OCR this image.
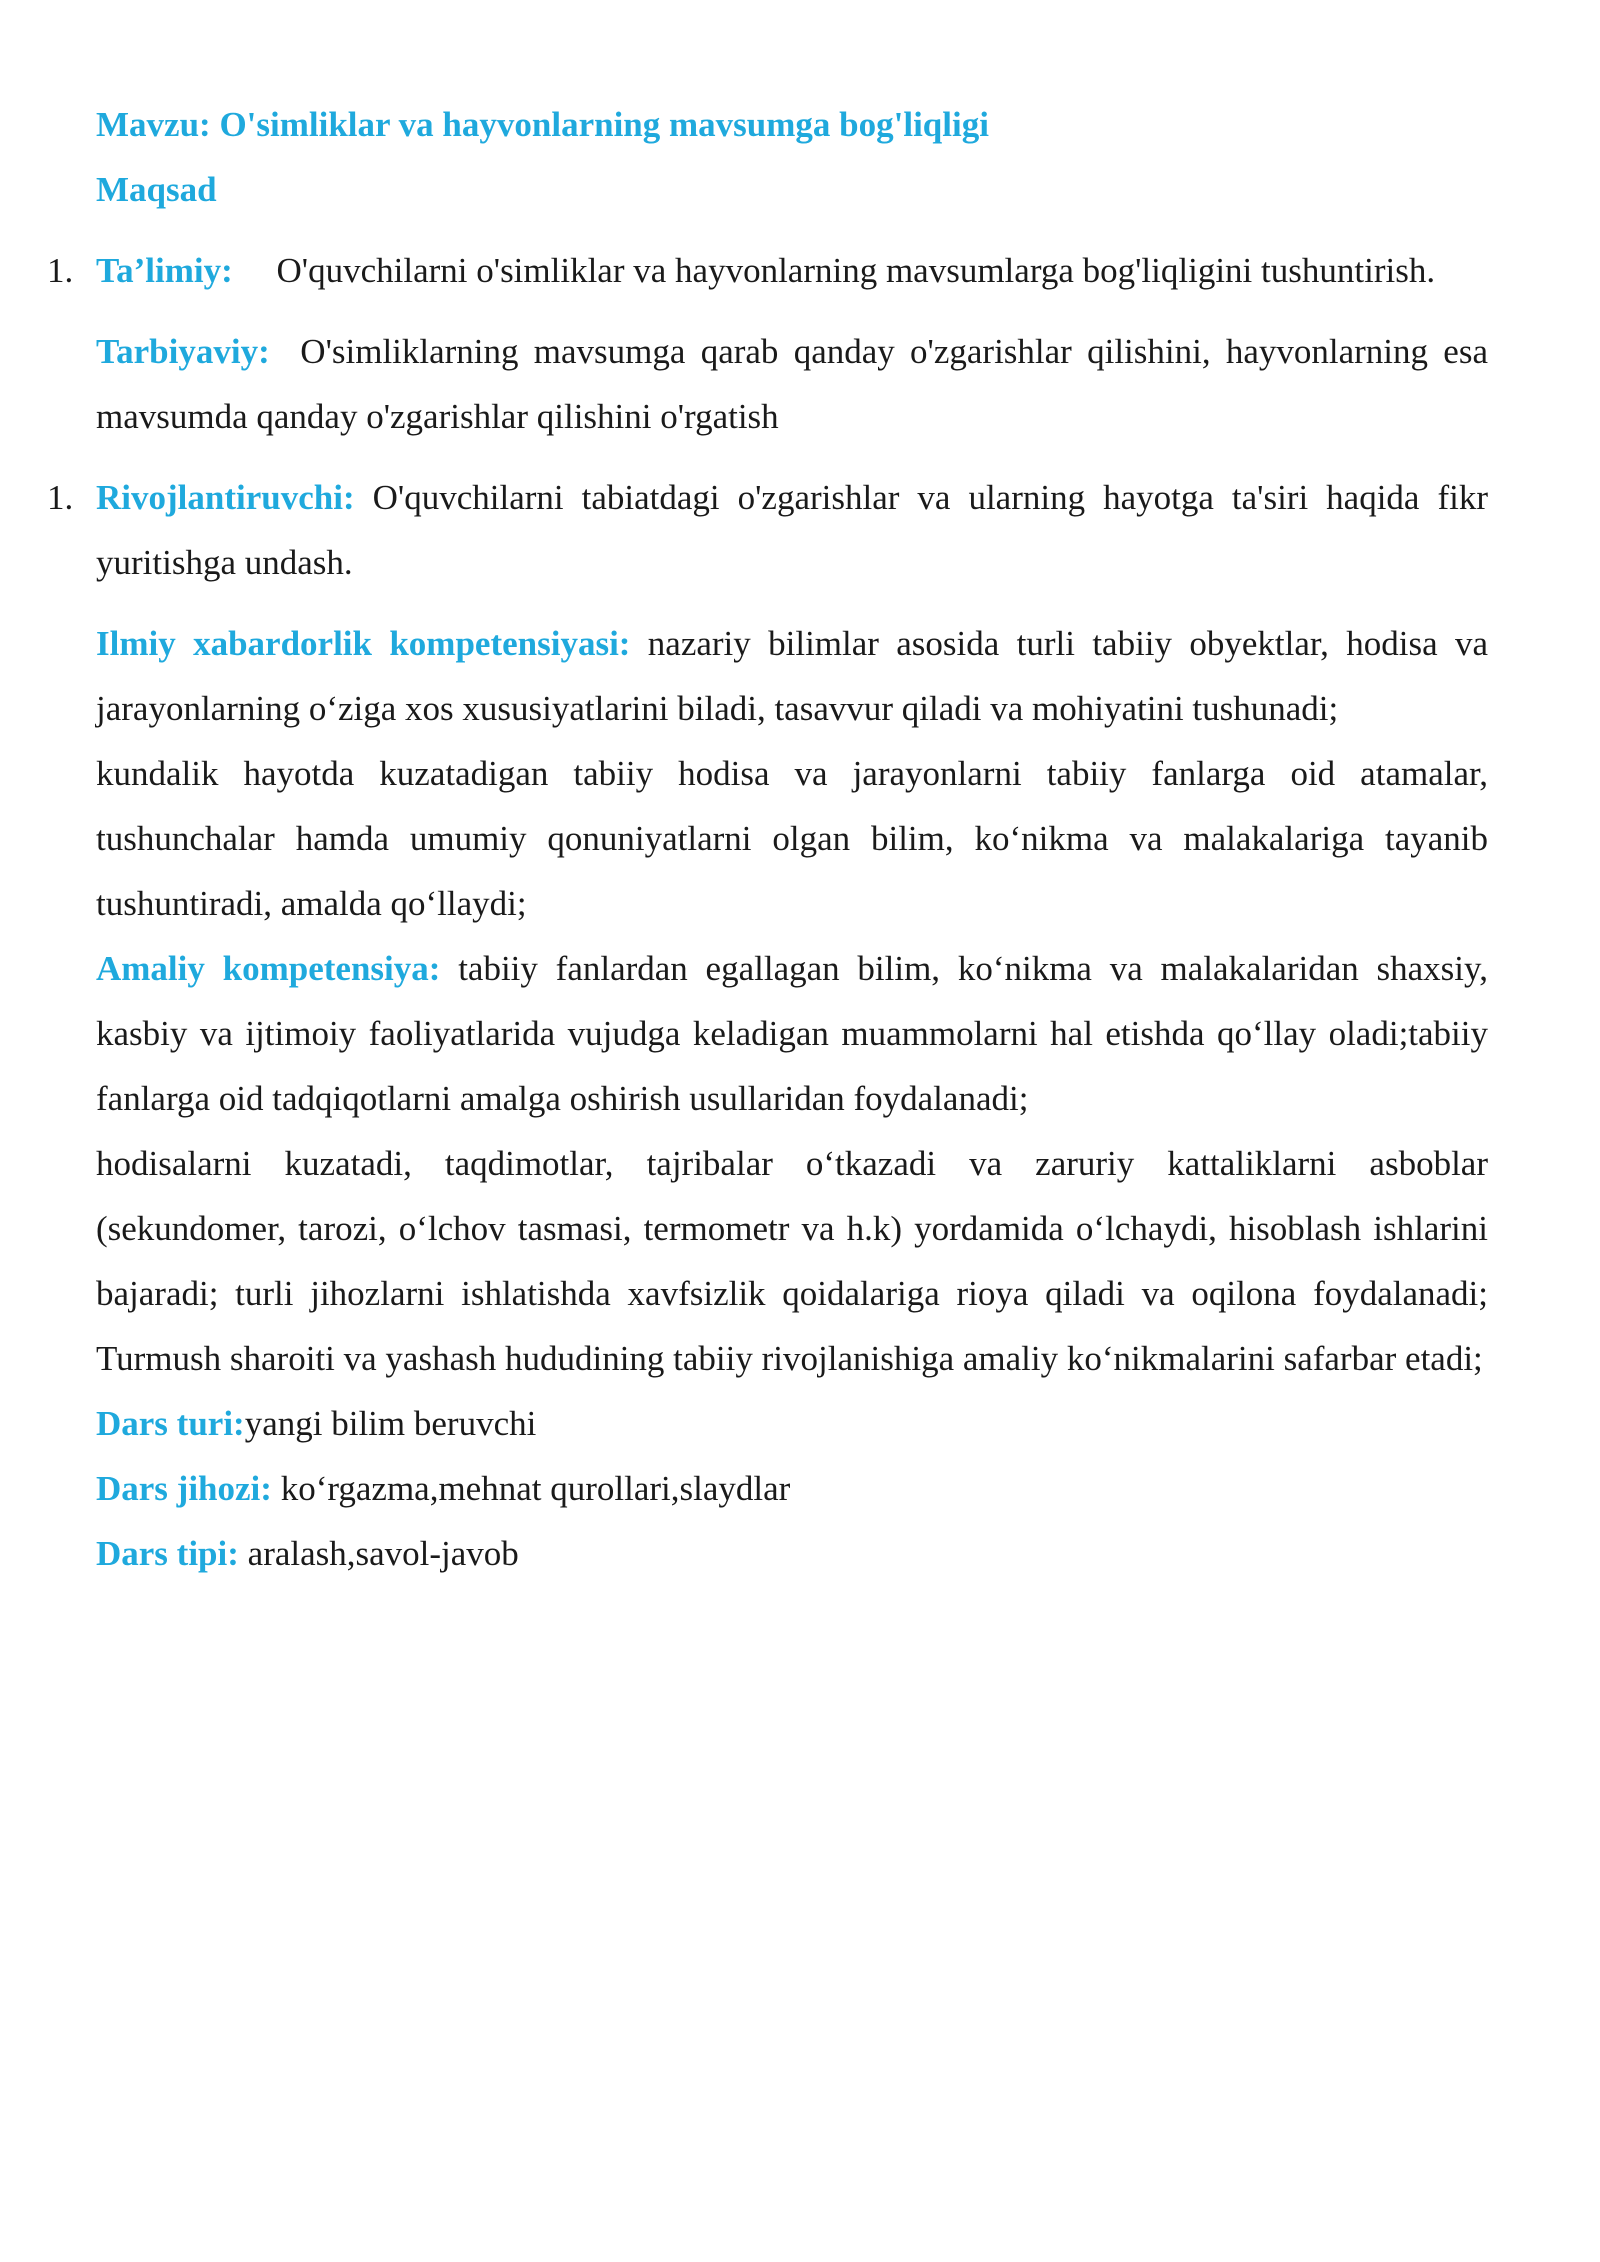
Mavzu: O'simliklar va hayvonlarning mavsumga bog'liqligi

Maqsad

1. Ta’limiy: O'quvchilarni o'simliklar va hayvonlarning mavsumlarga bog'liqligini tushuntirish.

Tarbiyaviy: O'simliklarning mavsumga qarab qanday o'zgarishlar qilishini, hayvonlarning esa mavsumda qanday o'zgarishlar qilishini o'rgatish

1. Rivojlantiruvchi: O'quvchilarni tabiatdagi o'zgarishlar va ularning hayotga ta'siri haqida fikr yuritishga undash.

Ilmiy xabardorlik kompetensiyasi: nazariy bilimlar asosida turli tabiiy obyektlar, hodisa va jarayonlarning o‘ziga xos xususiyatlarini biladi, tasavvur qiladi va mohiyatini tushunadi;

kundalik hayotda kuzatadigan tabiiy hodisa va jarayonlarni tabiiy fanlarga oid atamalar, tushunchalar hamda umumiy qonuniyatlarni olgan bilim, ko‘nikma va malakalariga tayanib tushuntiradi, amalda qo‘llaydi;

Amaliy kompetensiya: tabiiy fanlardan egallagan bilim, ko‘nikma va malakalaridan shaxsiy, kasbiy va ijtimoiy faoliyatlarida vujudga keladigan muammolarni hal etishda qo‘llay oladi;tabiiy fanlarga oid tadqiqotlarni amalga oshirish usullaridan foydalanadi;

hodisalarni kuzatadi, taqdimotlar, tajribalar o‘tkazadi va zaruriy kattaliklarni asboblar (sekundomer, tarozi, o‘lchov tasmasi, termometr va h.k) yordamida o‘lchaydi, hisoblash ishlarini bajaradi; turli jihozlarni ishlatishda xavfsizlik qoidalariga rioya qiladi va oqilona foydalanadi; Turmush sharoiti va yashash hududining tabiiy rivojlanishiga amaliy ko‘nikmalarini safarbar etadi;

Dars turi:yangi bilim beruvchi

Dars jihozi: ko‘rgazma,mehnat qurollari,slaydlar

Dars tipi: aralash,savol-javob
